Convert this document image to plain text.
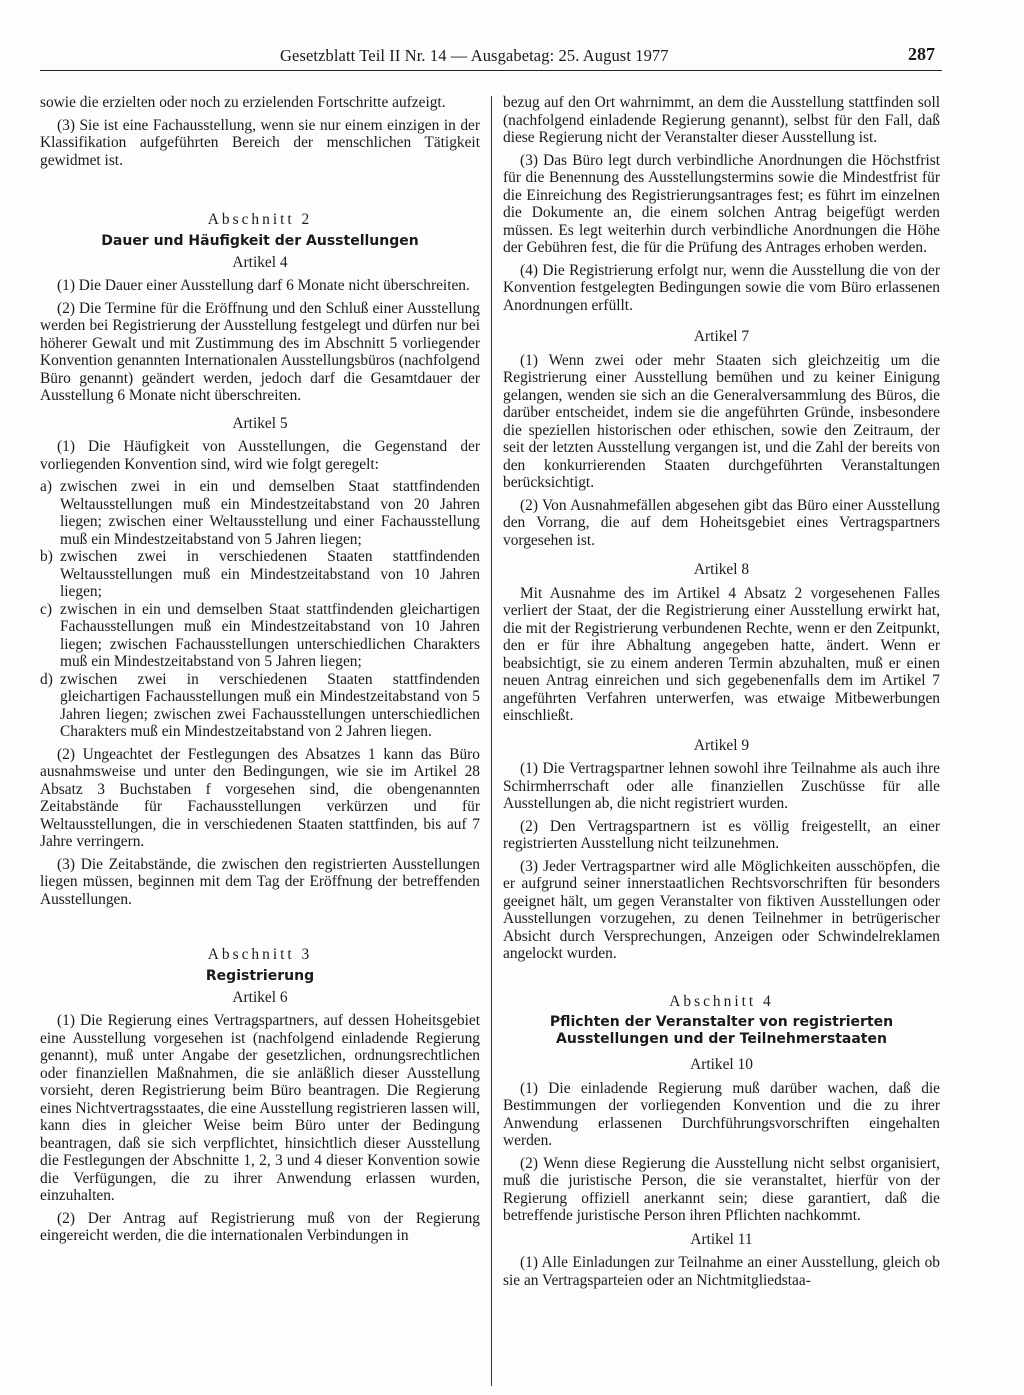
Gesetzblatt Teil II Nr. 14 — Ausgabetag: 25. August 1977	287

sowie die erzielten oder noch zu erzielenden Fortschritte aufzeigt.

(3) Sie ist eine Fachausstellung, wenn sie nur einem einzigen in der Klassifikation aufgeführten Bereich der menschlichen Tätigkeit gewidmet ist.

Abschnitt 2
Dauer und Häufigkeit der Ausstellungen
Artikel 4

(1) Die Dauer einer Ausstellung darf 6 Monate nicht überschreiten.

(2) Die Termine für die Eröffnung und den Schluß einer Ausstellung werden bei Registrierung der Ausstellung festgelegt und dürfen nur bei höherer Gewalt und mit Zustimmung des im Abschnitt 5 vorliegender Konvention genannten Internationalen Ausstellungsbüros (nachfolgend Büro genannt) geändert werden, jedoch darf die Gesamtdauer der Ausstellung 6 Monate nicht überschreiten.

Artikel 5

(1) Die Häufigkeit von Ausstellungen, die Gegenstand der vorliegenden Konvention sind, wird wie folgt geregelt:

a) zwischen zwei in ein und demselben Staat stattfindenden Weltausstellungen muß ein Mindestzeitabstand von 20 Jahren liegen; zwischen einer Weltausstellung und einer Fachausstellung muß ein Mindestzeitabstand von 5 Jahren liegen;
b) zwischen zwei in verschiedenen Staaten stattfindenden Weltausstellungen muß ein Mindestzeitabstand von 10 Jahren liegen;
c) zwischen in ein und demselben Staat stattfindenden gleichartigen Fachausstellungen muß ein Mindestzeitabstand von 10 Jahren liegen; zwischen Fachausstellungen unterschiedlichen Charakters muß ein Mindestzeitabstand von 5 Jahren liegen;
d) zwischen zwei in verschiedenen Staaten stattfindenden gleichartigen Fachausstellungen muß ein Mindestzeitabstand von 5 Jahren liegen; zwischen zwei Fachausstellungen unterschiedlichen Charakters muß ein Mindestzeitabstand von 2 Jahren liegen.

(2) Ungeachtet der Festlegungen des Absatzes 1 kann das Büro ausnahmsweise und unter den Bedingungen, wie sie im Artikel 28 Absatz 3 Buchstaben f vorgesehen sind, die obengenannten Zeitabstände für Fachausstellungen verkürzen und für Weltausstellungen, die in verschiedenen Staaten stattfinden, bis auf 7 Jahre verringern.

(3) Die Zeitabstände, die zwischen den registrierten Ausstellungen liegen müssen, beginnen mit dem Tag der Eröffnung der betreffenden Ausstellungen.

Abschnitt 3
Registrierung
Artikel 6

(1) Die Regierung eines Vertragspartners, auf dessen Hoheitsgebiet eine Ausstellung vorgesehen ist (nachfolgend einladende Regierung genannt), muß unter Angabe der gesetzlichen, ordnungsrechtlichen oder finanziellen Maßnahmen, die sie anläßlich dieser Ausstellung vorsieht, deren Registrierung beim Büro beantragen. Die Regierung eines Nichtvertragsstaates, die eine Ausstellung registrieren lassen will, kann dies in gleicher Weise beim Büro unter der Bedingung beantragen, daß sie sich verpflichtet, hinsichtlich dieser Ausstellung die Festlegungen der Abschnitte 1, 2, 3 und 4 dieser Konvention sowie die Verfügungen, die zu ihrer Anwendung erlassen wurden, einzuhalten.

(2) Der Antrag auf Registrierung muß von der Regierung eingereicht werden, die die internationalen Verbindungen in

bezug auf den Ort wahrnimmt, an dem die Ausstellung stattfinden soll (nachfolgend einladende Regierung genannt), selbst für den Fall, daß diese Regierung nicht der Veranstalter dieser Ausstellung ist.

(3) Das Büro legt durch verbindliche Anordnungen die Höchstfrist für die Benennung des Ausstellungstermins sowie die Mindestfrist für die Einreichung des Registrierungsantrages fest; es führt im einzelnen die Dokumente an, die einem solchen Antrag beigefügt werden müssen. Es legt weiterhin durch verbindliche Anordnungen die Höhe der Gebühren fest, die für die Prüfung des Antrages erhoben werden.

(4) Die Registrierung erfolgt nur, wenn die Ausstellung die von der Konvention festgelegten Bedingungen sowie die vom Büro erlassenen Anordnungen erfüllt.

Artikel 7

(1) Wenn zwei oder mehr Staaten sich gleichzeitig um die Registrierung einer Ausstellung bemühen und zu keiner Einigung gelangen, wenden sie sich an die Generalversammlung des Büros, die darüber entscheidet, indem sie die angeführten Gründe, insbesondere die speziellen historischen oder ethischen, sowie den Zeitraum, der seit der letzten Ausstellung vergangen ist, und die Zahl der bereits von den konkurrierenden Staaten durchgeführten Veranstaltungen berücksichtigt.

(2) Von Ausnahmefällen abgesehen gibt das Büro einer Ausstellung den Vorrang, die auf dem Hoheitsgebiet eines Vertragspartners vorgesehen ist.

Artikel 8

Mit Ausnahme des im Artikel 4 Absatz 2 vorgesehenen Falles verliert der Staat, der die Registrierung einer Ausstellung erwirkt hat, die mit der Registrierung verbundenen Rechte, wenn er den Zeitpunkt, den er für ihre Abhaltung angegeben hatte, ändert. Wenn er beabsichtigt, sie zu einem anderen Termin abzuhalten, muß er einen neuen Antrag einreichen und sich gegebenenfalls dem im Artikel 7 angeführten Verfahren unterwerfen, was etwaige Mitbewerbungen einschließt.

Artikel 9

(1) Die Vertragspartner lehnen sowohl ihre Teilnahme als auch ihre Schirmherrschaft oder alle finanziellen Zuschüsse für alle Ausstellungen ab, die nicht registriert wurden.

(2) Den Vertragspartnern ist es völlig freigestellt, an einer registrierten Ausstellung nicht teilzunehmen.

(3) Jeder Vertragspartner wird alle Möglichkeiten ausschöpfen, die er aufgrund seiner innerstaatlichen Rechtsvorschriften für besonders geeignet hält, um gegen Veranstalter von fiktiven Ausstellungen oder Ausstellungen vorzugehen, zu denen Teilnehmer in betrügerischer Absicht durch Versprechungen, Anzeigen oder Schwindelreklamen angelockt wurden.

Abschnitt 4
Pflichten der Veranstalter von registrierten Ausstellungen und der Teilnehmerstaaten
Artikel 10

(1) Die einladende Regierung muß darüber wachen, daß die Bestimmungen der vorliegenden Konvention und die zu ihrer Anwendung erlassenen Durchführungsvorschriften eingehalten werden.

(2) Wenn diese Regierung die Ausstellung nicht selbst organisiert, muß die juristische Person, die sie veranstaltet, hierfür von der Regierung offiziell anerkannt sein; diese garantiert, daß die betreffende juristische Person ihren Pflichten nachkommt.

Artikel 11

(1) Alle Einladungen zur Teilnahme an einer Ausstellung, gleich ob sie an Vertragsparteien oder an Nichtmitgliedstaa-
